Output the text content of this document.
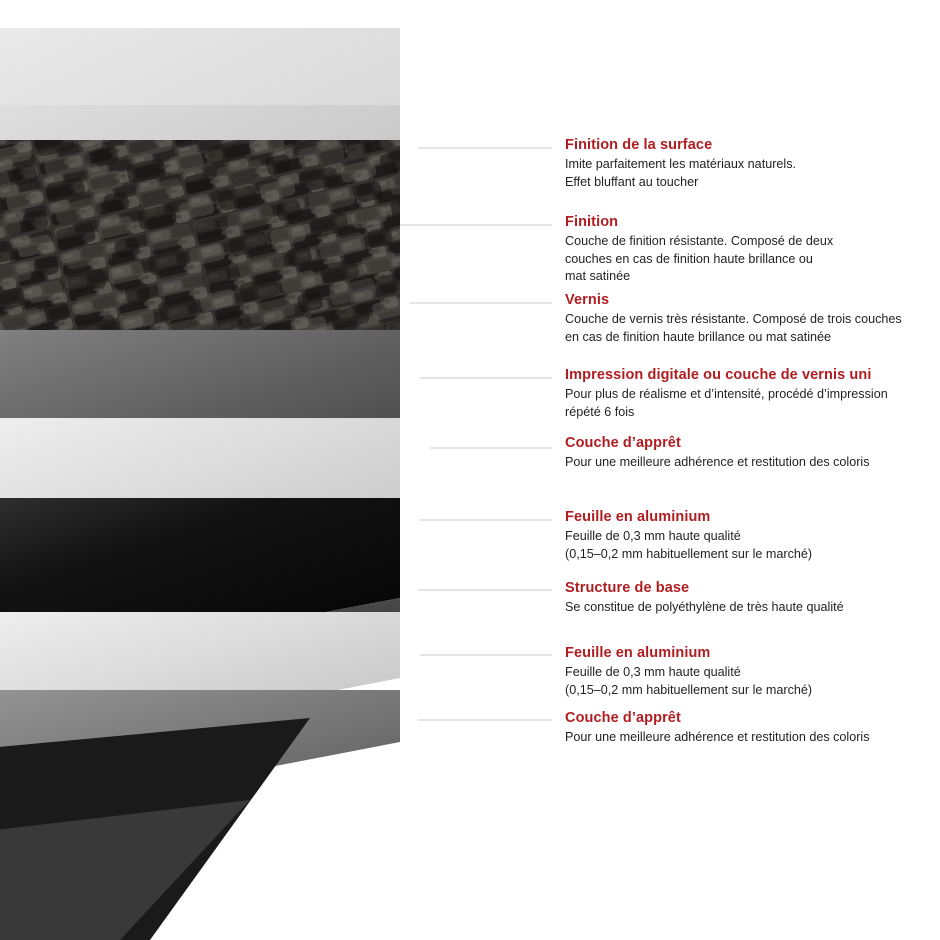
Finition de la surface
Imite parfaitement les matériaux naturels.
Effet bluffant au toucher
Finition
Couche de finition résistante. Composé de deux
couches en cas de finition haute brillance ou
mat satinée
Vernis
Couche de vernis très résistante. Composé de trois couches
en cas de finition haute brillance ou mat satinée
Impression digitale ou couche de vernis uni
Pour plus de réalisme et d’intensité, procédé d’impression
répété 6 fois
Couche d’apprêt
Pour une meilleure adhérence et restitution des coloris
Feuille en aluminium
Feuille de 0,3 mm haute qualité
(0,15–0,2 mm habituellement sur le marché)
Structure de base
Se constitue de polyéthylène de très haute qualité
Feuille en aluminium
Feuille de 0,3 mm haute qualité
(0,15–0,2 mm habituellement sur le marché)
Couche d’apprêt
Pour une meilleure adhérence et restitution des coloris
